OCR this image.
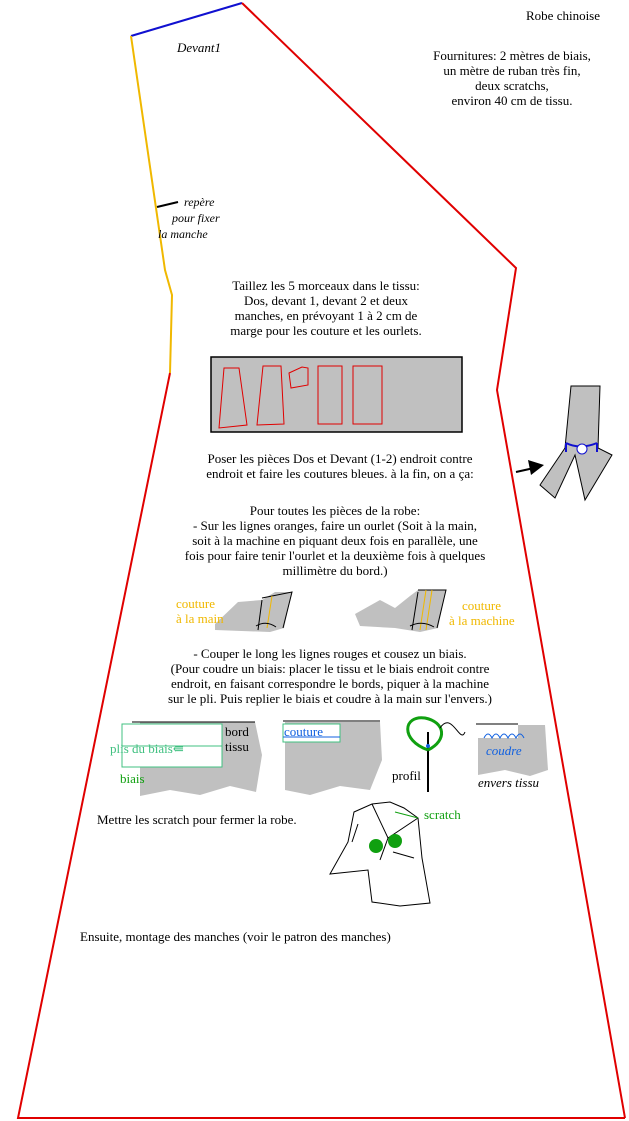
Robe chinoise
Devant1
Fournitures: 2 mètres de biais,
un mètre de ruban très fin,
deux scratchs,
environ 40 cm de tissu.
repère
pour fixer
la manche
Taillez les 5 morceaux dans le tissu:
Dos, devant 1, devant 2 et deux
manches, en prévoyant 1 à 2 cm de
marge pour les couture et les ourlets.
Poser les pièces Dos et Devant (1-2) endroit contre
endroit et faire les coutures bleues. à la fin, on a ça:
Pour toutes les pièces de la robe:
- Sur les lignes oranges, faire un ourlet (Soit à la main,
soit à la machine en piquant deux fois en parallèle, une
fois pour faire tenir l'ourlet et la deuxième fois à quelques
millimètre du bord.)
couture
à la main
couture
à la machine
- Couper le long les lignes rouges et cousez un biais.
(Pour coudre un biais: placer le tissu et le biais endroit contre
endroit, en faisant correspondre le bords, piquer à la machine
sur le pli. Puis replier le biais et coudre à la main sur l'envers.)
bord
tissu
plis du biais⇚
biais
couture
profil
coudre
envers tissu
Mettre les scratch pour fermer la robe.	scratch
Ensuite, montage des manches (voir le patron des manches)
